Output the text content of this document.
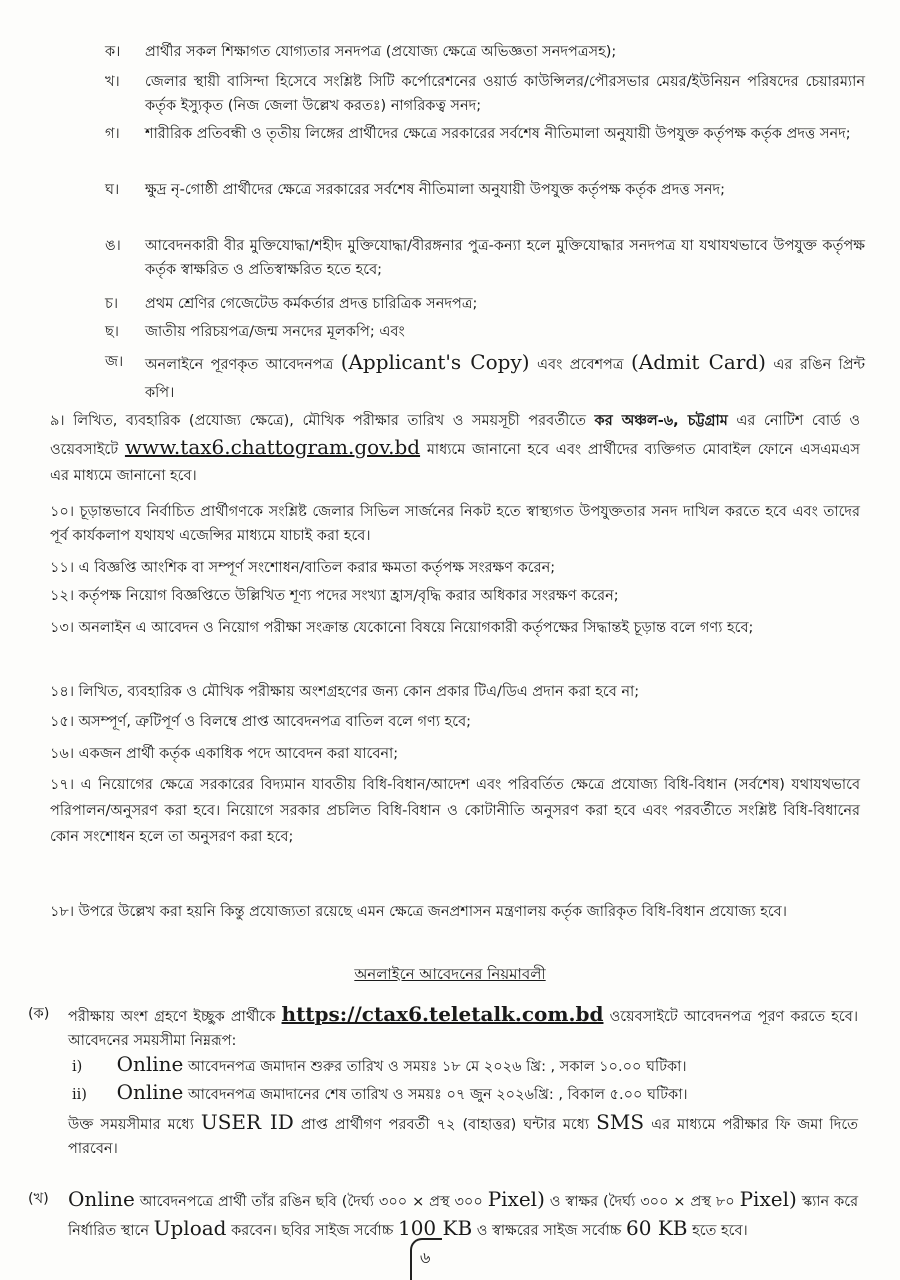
ক।	প্রার্থীর সকল শিক্ষাগত যোগ্যতার সনদপত্র (প্রযোজ্য ক্ষেত্রে অভিজ্ঞতা সনদপত্রসহ);
খ।	জেলার স্থায়ী বাসিন্দা হিসেবে সংশ্লিষ্ট সিটি কর্পোরেশনের ওয়ার্ড কাউন্সিলর/পৌরসভার মেয়র/ইউনিয়ন পরিষদের চেয়ারম্যান কর্তৃক ইস্যুকৃত (নিজ জেলা উল্লেখ করতঃ) নাগরিকত্ব সনদ;
গ।	শারীরিক প্রতিবন্ধী ও তৃতীয় লিঙ্গের প্রার্থীদের ক্ষেত্রে সরকারের সর্বশেষ নীতিমালা অনুযায়ী উপযুক্ত কর্তৃপক্ষ কর্তৃক প্রদত্ত সনদ;
ঘ।	ক্ষুদ্র নৃ-গোষ্ঠী প্রার্থীদের ক্ষেত্রে সরকারের সর্বশেষ নীতিমালা অনুযায়ী উপযুক্ত কর্তৃপক্ষ কর্তৃক প্রদত্ত সনদ;
ঙ।	আবেদনকারী বীর মুক্তিযোদ্ধা/শহীদ মুক্তিযোদ্ধা/বীরঙ্গনার পুত্র-কন্যা হলে মুক্তিযোদ্ধার সনদপত্র যা যথাযথভাবে উপযুক্ত কর্তৃপক্ষ কর্তৃক স্বাক্ষরিত ও প্রতিস্বাক্ষরিত হতে হবে;
চ।	প্রথম শ্রেণির গেজেটেড কর্মকর্তার প্রদত্ত চারিত্রিক সনদপত্র;
ছ।	জাতীয় পরিচয়পত্র/জন্ম সনদের মূলকপি; এবং
জ।	অনলাইনে পূরণকৃত আবেদনপত্র (Applicant's Copy) এবং প্রবেশপত্র (Admit Card) এর রঙিন প্রিন্ট কপি।
৯। লিখিত, ব্যবহারিক (প্রযোজ্য ক্ষেত্রে), মৌখিক পরীক্ষার তারিখ ও সময়সূচী পরবর্তীতে কর অঞ্চল-৬, চট্টগ্রাম এর নোটিশ বোর্ড ও ওয়েবসাইটে www.tax6.chattogram.gov.bd মাধ্যমে জানানো হবে এবং প্রার্থীদের ব্যক্তিগত মোবাইল ফোনে এসএমএস এর মাধ্যমে জানানো হবে।
১০। চূড়ান্তভাবে নির্বাচিত প্রার্থীগণকে সংশ্লিষ্ট জেলার সিভিল সার্জনের নিকট হতে স্বাস্থ্যগত উপযুক্ততার সনদ দাখিল করতে হবে এবং তাদের পূর্ব কার্যকলাপ যথাযথ এজেন্সির মাধ্যমে যাচাই করা হবে।
১১। এ বিজ্ঞপ্তি আংশিক বা সম্পূর্ণ সংশোধন/বাতিল করার ক্ষমতা কর্তৃপক্ষ সংরক্ষণ করেন;
১২। কর্তৃপক্ষ নিয়োগ বিজ্ঞপ্তিতে উল্লিখিত শূণ্য পদের সংখ্যা হ্রাস/বৃদ্ধি করার অধিকার সংরক্ষণ করেন;
১৩। অনলাইন এ আবেদন ও নিয়োগ পরীক্ষা সংক্রান্ত যেকোনো বিষয়ে নিয়োগকারী কর্তৃপক্ষের সিদ্ধান্তই চূড়ান্ত বলে গণ্য হবে;
১৪। লিখিত, ব্যবহারিক ও মৌখিক পরীক্ষায় অংশগ্রহণের জন্য কোন প্রকার টিএ/ডিএ প্রদান করা হবে না;
১৫। অসম্পূর্ণ, ত্রুটিপূর্ণ ও বিলম্বে প্রাপ্ত আবেদনপত্র বাতিল বলে গণ্য হবে;
১৬। একজন প্রার্থী কর্তৃক একাধিক পদে আবেদন করা যাবেনা;
১৭। এ নিয়োগের ক্ষেত্রে সরকারের বিদ্যমান যাবতীয় বিধি-বিধান/আদেশ এবং পরিবর্তিত ক্ষেত্রে প্রযোজ্য বিধি-বিধান (সর্বশেষ) যথাযথভাবে পরিপালন/অনুসরণ করা হবে। নিয়োগে সরকার প্রচলিত বিধি-বিধান ও কোটানীতি অনুসরণ করা হবে এবং পরবর্তীতে সংশ্লিষ্ট বিধি-বিধানের কোন সংশোধন হলে তা অনুসরণ করা হবে;
১৮। উপরে উল্লেখ করা হয়নি কিন্তু প্রযোজ্যতা রয়েছে এমন ক্ষেত্রে জনপ্রশাসন মন্ত্রণালয় কর্তৃক জারিকৃত বিধি-বিধান প্রযোজ্য হবে।
অনলাইনে আবেদনের নিয়মাবলী
(ক)	পরীক্ষায় অংশ গ্রহণে ইচ্ছুক প্রার্থীকে https://ctax6.teletalk.com.bd ওয়েবসাইটে আবেদনপত্র পূরণ করতে হবে। আবেদনের সময়সীমা নিম্নরূপ:
i) Online আবেদনপত্র জমাদান শুরুর তারিখ ও সময়ঃ ১৮ মে ২০২৬ খ্রি: , সকাল ১০.০০ ঘটিকা।
ii) Online আবেদনপত্র জমাদানের শেষ তারিখ ও সময়ঃ ০৭ জুন ২০২৬খ্রি: , বিকাল ৫.০০ ঘটিকা।
উক্ত সময়সীমার মধ্যে USER ID প্রাপ্ত প্রার্থীগণ পরবর্তী ৭২ (বাহাত্তর) ঘন্টার মধ্যে SMS এর মাধ্যমে পরীক্ষার ফি জমা দিতে পারবেন।
(খ) Online আবেদনপত্রে প্রার্থী তাঁর রঙিন ছবি (দৈর্ঘ্য ৩০০ × প্রস্থ ৩০০ Pixel) ও স্বাক্ষর (দৈর্ঘ্য ৩০০ × প্রস্থ ৮০ Pixel) স্ক্যান করে নির্ধারিত স্থানে Upload করবেন। ছবির সাইজ সর্বোচ্চ 100 KB ও স্বাক্ষরের সাইজ সর্বোচ্চ 60 KB হতে হবে।
৬
